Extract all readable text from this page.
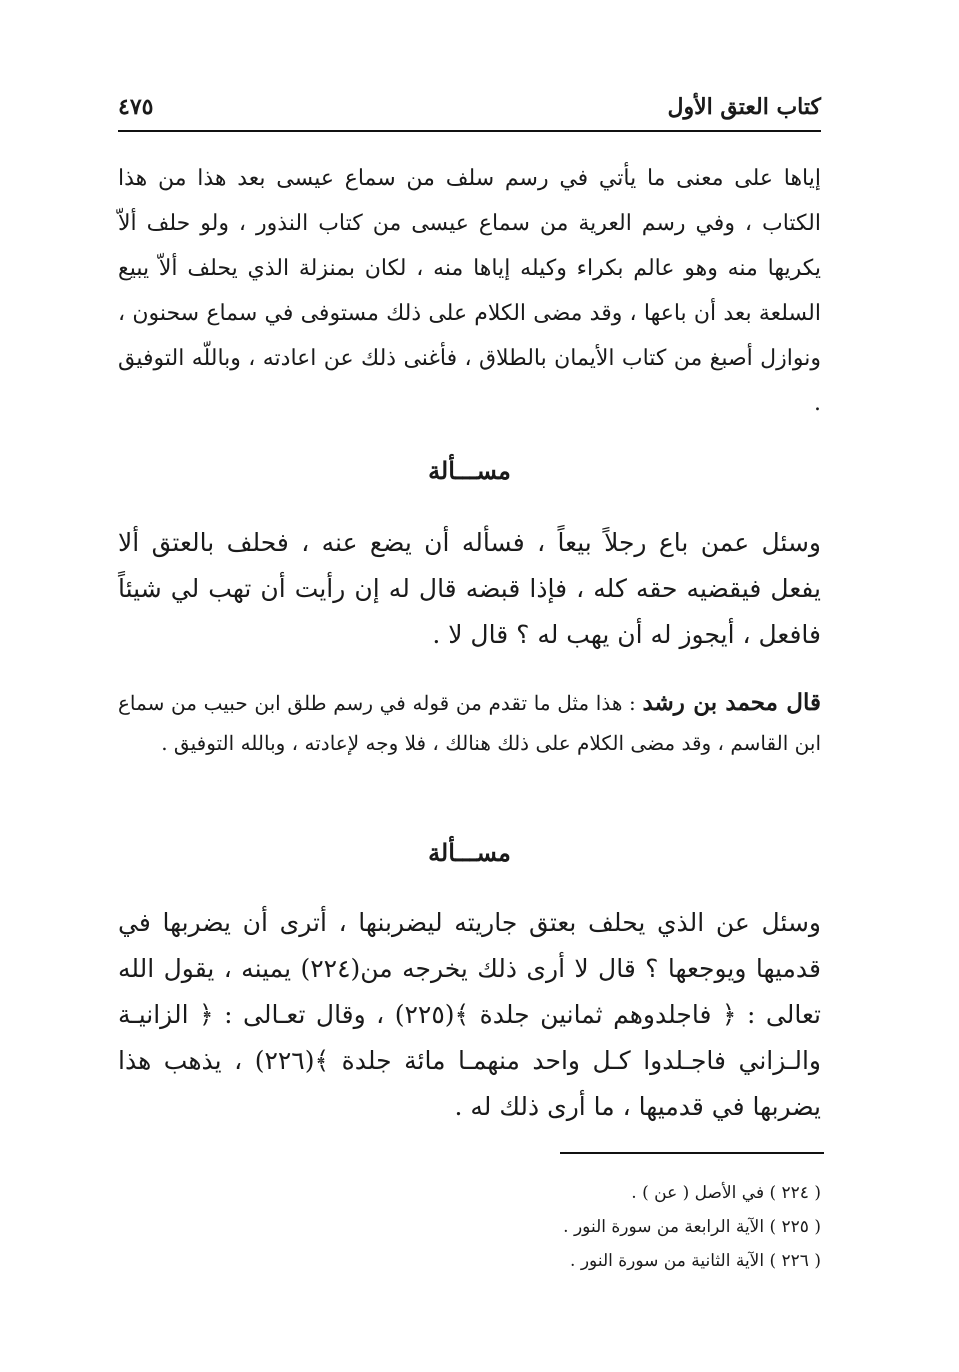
كتاب العتق الأول
٤٧٥

إياها على معنى ما يأتي في رسم سلف من سماع عيسى بعد هذا من هذا الكتاب ، وفي رسم العرية من سماع عيسى من كتاب النذور ، ولو حلف ألاّ يكريها منه وهو عالم بكراء وكيله إياها منه ، لكان بمنزلة الذي يحلف ألاّ يبيع السلعة بعد أن باعها ، وقد مضى الكلام على ذلك مستوفى في سماع سحنون ، ونوازل أصبغ من كتاب الأيمان بالطلاق ، فأغنى ذلك عن اعادته ، وباللّه التوفيق .

مســـألة

وسئل عمن باع رجلاً بيعاً ، فسأله أن يضع عنه ، فحلف بالعتق ألا يفعل فيقضيه حقه كله ، فإذا قبضه قال له إن رأيت أن تهب لي شيئاً فافعل ، أيجوز له أن يهب له ؟ قال لا .

قال محمد بن رشد : هذا مثل ما تقدم من قوله في رسم طلق ابن حبيب من سماع ابن القاسم ، وقد مضى الكلام على ذلك هنالك ، فلا وجه لإعادته ، وبالله التوفيق .

مســـألة

وسئل عن الذي يحلف بعتق جاريته ليضربنها ، أترى أن يضربها في قدميها ويوجعها ؟ قال لا أرى ذلك يخرجه من(٢٢٤) يمينه ، يقول الله تعالى : ﴿ فاجلدوهم ثمانين جلدة ﴾(٢٢٥) ، وقال تعـالى : ﴿ الزانيـة والـزاني فاجـلدوا كـل واحد منهمـا مائة جلدة ﴾(٢٢٦) ، يذهب هذا يضربها في قدميها ، ما أرى ذلك له .

( ٢٢٤ ) في الأصل ( عن ) .
( ٢٢٥ ) الآية الرابعة من سورة النور .
( ٢٢٦ ) الآية الثانية من سورة النور .
